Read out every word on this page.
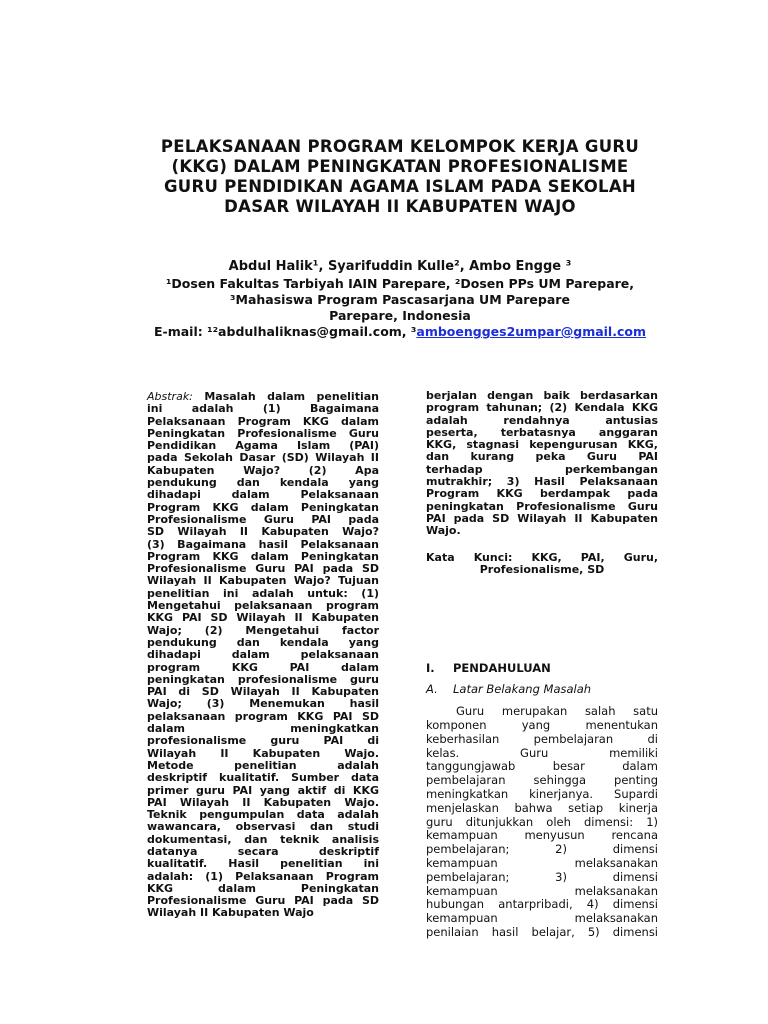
PELAKSANAAN PROGRAM KELOMPOK KERJA GURU
(KKG) DALAM PENINGKATAN PROFESIONALISME
GURU PENDIDIKAN AGAMA ISLAM PADA SEKOLAH
DASAR WILAYAH II KABUPATEN WAJO
Abdul Halik¹, Syarifuddin Kulle², Ambo Engge ³
¹Dosen Fakultas Tarbiyah IAIN Parepare, ²Dosen PPs UM Parepare,
³Mahasiswa Program Pascasarjana UM Parepare
Parepare, Indonesia
E-mail: ¹²abdulhaliknas@gmail.com, ³amboengges2umpar@gmail.com
Abstrak: Masalah dalam penelitian
ini adalah (1) Bagaimana
Pelaksanaan Program KKG dalam
Peningkatan Profesionalisme Guru
Pendidikan Agama Islam (PAI)
pada Sekolah Dasar (SD) Wilayah II
Kabupaten Wajo? (2) Apa
pendukung dan kendala yang
dihadapi dalam Pelaksanaan
Program KKG dalam Peningkatan
Profesionalisme Guru PAI pada
SD Wilayah II Kabupaten Wajo?
(3) Bagaimana hasil Pelaksanaan
Program KKG dalam Peningkatan
Profesionalisme Guru PAI pada SD
Wilayah II Kabupaten Wajo? Tujuan
penelitian ini adalah untuk: (1)
Mengetahui pelaksanaan program
KKG PAI SD Wilayah II Kabupaten
Wajo; (2) Mengetahui factor
pendukung dan kendala yang
dihadapi dalam pelaksanaan
program KKG PAI dalam
peningkatan profesionalisme guru
PAI di SD Wilayah II Kabupaten
Wajo; (3) Menemukan hasil
pelaksanaan program KKG PAI SD
dalam meningkatkan
profesionalisme guru PAI di
Wilayah II Kabupaten Wajo.
Metode penelitian adalah
deskriptif kualitatif. Sumber data
primer guru PAI yang aktif di KKG
PAI Wilayah II Kabupaten Wajo.
Teknik pengumpulan data adalah
wawancara, observasi dan studi
dokumentasi, dan teknik analisis
datanya secara deskriptif
kualitatif. Hasil penelitian ini
adalah: (1) Pelaksanaan Program
KKG dalam Peningkatan
Profesionalisme Guru PAI pada SD
Wilayah II Kabupaten Wajo
berjalan dengan baik berdasarkan
program tahunan; (2) Kendala KKG
adalah rendahnya antusias
peserta, terbatasnya anggaran
KKG, stagnasi kepengurusan KKG,
dan kurang peka Guru PAI
terhadap perkembangan
mutrakhir; 3) Hasil Pelaksanaan
Program KKG berdampak pada
peningkatan Profesionalisme Guru
PAI pada SD Wilayah II Kabupaten
Wajo.
Kata Kunci: KKG, PAI, Guru,
Profesionalisme, SD
I. PENDAHULUAN
A. Latar Belakang Masalah
Guru merupakan salah satu
komponen yang menentukan
keberhasilan pembelajaran di
kelas. Guru memiliki
tanggungjawab besar dalam
pembelajaran sehingga penting
meningkatkan kinerjanya. Supardi
menjelaskan bahwa setiap kinerja
guru ditunjukkan oleh dimensi: 1)
kemampuan menyusun rencana
pembelajaran; 2) dimensi
kemampuan melaksanakan
pembelajaran; 3) dimensi
kemampuan melaksanakan
hubungan antarpribadi, 4) dimensi
kemampuan melaksanakan
penilaian hasil belajar, 5) dimensi
